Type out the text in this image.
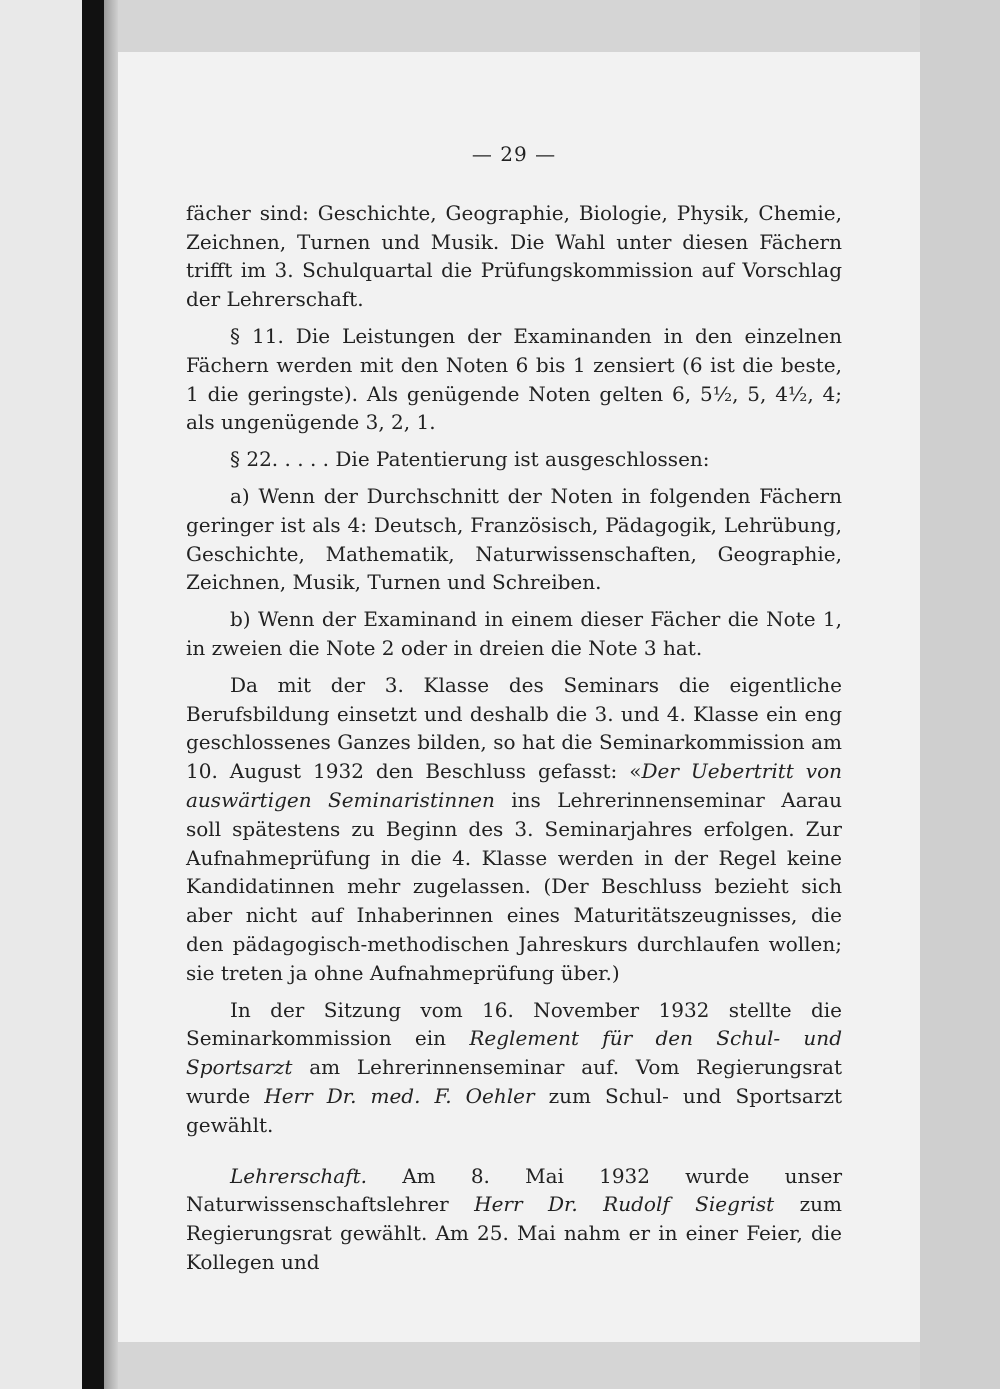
— 29 —

fächer sind: Geschichte, Geographie, Biologie, Physik, Chemie, Zeichnen, Turnen und Musik. Die Wahl unter diesen Fächern trifft im 3. Schulquartal die Prüfungskommission auf Vorschlag der Lehrerschaft.

§ 11. Die Leistungen der Examinanden in den einzelnen Fächern werden mit den Noten 6 bis 1 zensiert (6 ist die beste, 1 die geringste). Als genügende Noten gelten 6, 5½, 5, 4½, 4; als ungenügende 3, 2, 1.

§ 22. . . . . Die Patentierung ist ausgeschlossen:

a) Wenn der Durchschnitt der Noten in folgenden Fächern geringer ist als 4: Deutsch, Französisch, Pädagogik, Lehrübung, Geschichte, Mathematik, Naturwissenschaften, Geographie, Zeichnen, Musik, Turnen und Schreiben.

b) Wenn der Examinand in einem dieser Fächer die Note 1, in zweien die Note 2 oder in dreien die Note 3 hat.

Da mit der 3. Klasse des Seminars die eigentliche Berufsbildung einsetzt und deshalb die 3. und 4. Klasse ein eng geschlossenes Ganzes bilden, so hat die Seminarkommission am 10. August 1932 den Beschluss gefasst: «Der Uebertritt von auswärtigen Seminaristinnen ins Lehrerinnenseminar Aarau soll spätestens zu Beginn des 3. Seminarjahres erfolgen. Zur Aufnahmeprüfung in die 4. Klasse werden in der Regel keine Kandidatinnen mehr zugelassen. (Der Beschluss bezieht sich aber nicht auf Inhaberinnen eines Maturitätszeugnisses, die den pädagogisch-methodischen Jahreskurs durchlaufen wollen; sie treten ja ohne Aufnahmeprüfung über.)

In der Sitzung vom 16. November 1932 stellte die Seminarkommission ein Reglement für den Schul- und Sportsarzt am Lehrerinnenseminar auf. Vom Regierungsrat wurde Herr Dr. med. F. Oehler zum Schul- und Sportsarzt gewählt.

Lehrerschaft. Am 8. Mai 1932 wurde unser Naturwissenschaftslehrer Herr Dr. Rudolf Siegrist zum Regierungsrat gewählt. Am 25. Mai nahm er in einer Feier, die Kollegen und
